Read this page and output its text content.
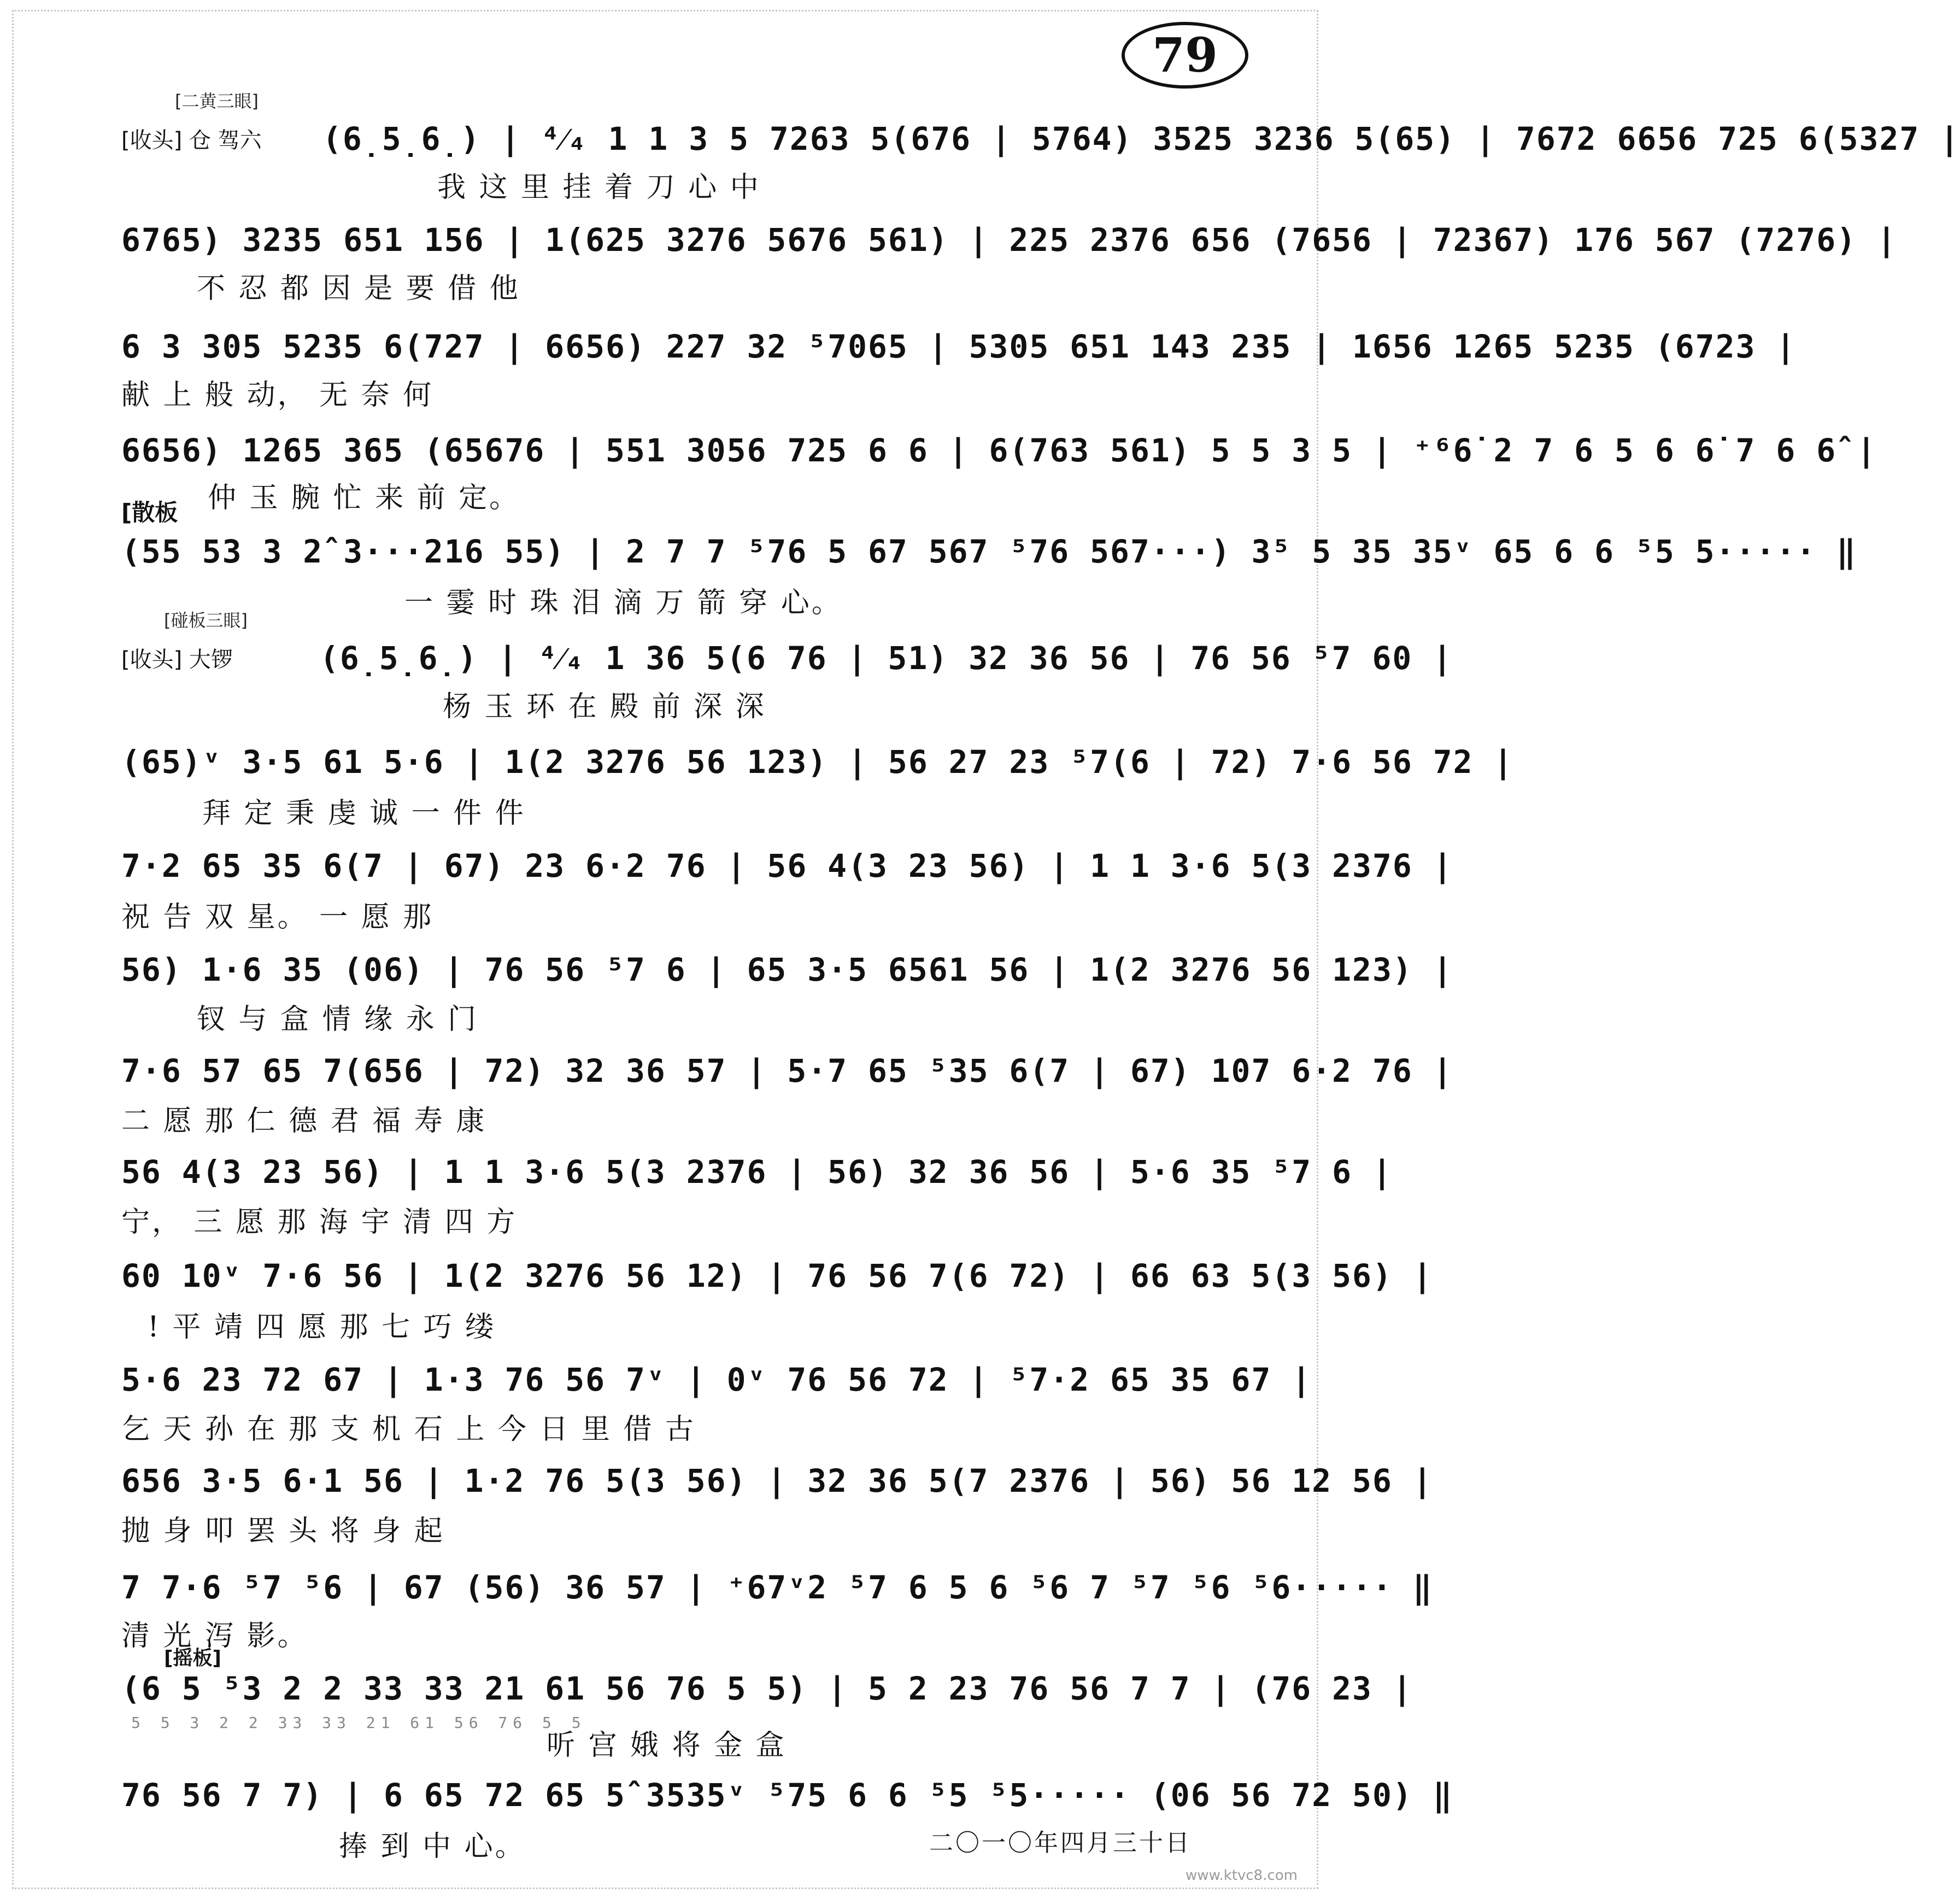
79
[二黄三眼]
[收头] 仓 驾六 (6̣5̣6̣) | ⁴⁄₄ 1 1 3 5 7263 5(676 | 5764) 3525 3236 5(65) | 7672 6656 725 6(5327 |
我 这 里 挂 着 刀 心 中
6765) 3235 651 156 | 1(625 3276 5676 561) | 225 2376 656 (7656 | 72367) 176 567 (7276) |
不 忍 都 因 是 要 借 他
6 3 305 5235 6(727 | 6656) 227 32 ⁵7065 | 5305 651 143 235 | 1656 1265 5235 (6723 |
献 上 般 动， 无 奈 何
6656) 1265 365 (65676 | 551 3056 725 6 6 | 6(763 561) 5 5 3 5 | ⁺⁶6̇ 2 7 6 5 6 6̇ 7 6 6̂ |
仲 玉 腕 忙 来 前 定。
[散板
(55 53 3 2̂ 3···216 55) | 2 7 7 ⁵76 5 67 567 ⁵76 567···) 3⁵ 5 35 35ᵛ 65 6 6 ⁵5 5····· ‖
一 霎 时 珠 泪 滴 万 箭 穿 心。
[碰板三眼]
[收头] 大锣	(6̣5̣6̣) | ⁴⁄₄ 1 36 5(6 76 | 51) 32 36 56 | 76 56 ⁵7 60 |
杨 玉 环 在 殿 前 深 深
(65)ᵛ 3·5 61 5·6 | 1(2 3276 56 123) | 56 27 23 ⁵7(6 | 72) 7·6 56 72 |
拜 定 秉 虔 诚 一 件 件
7·2 65 35 6(7 | 67) 23 6·2 76 | 56 4(3 23 56) | 1 1 3·6 5(3 2376 |
祝 告 双 星。 一 愿 那
56) 1·6 35 (06) | 76 56 ⁵7 6 | 65 3·5 6561 56 | 1(2 3276 56 123) |
钗 与 盒 情 缘 永 门
7·6 57 65 7(656 | 72) 32 36 57 | 5·7 65 ⁵35 6(7 | 67) 107 6·2 76 |
二 愿 那 仁 德 君 福 寿 康
56 4(3 23 56) | 1 1 3·6 5(3 2376 | 56) 32 36 56 | 5·6 35 ⁵7 6 |
宁， 三 愿 那 海 宇 清 四 方
60 10ᵛ 7·6 56 | 1(2 3276 56 12) | 76 56 7(6 72) | 66 63 5(3 56) |
! 平 靖 四 愿 那 七 巧 缕
5·6 23 72 67 | 1·3 76 56 7ᵛ | 0ᵛ 76 56 72 | ⁵7·2 65 35 67 |
乞 天 孙 在 那 支 机 石 上 今 日 里 借 古
656 3·5 6·1 56 | 1·2 76 5(3 56) | 32 36 5(7 2376 | 56) 56 12 56 |
抛 身 叩 罢 头 将 身 起
7 7·6 ⁵7 ⁵6 | 67 (56) 36 57 | ⁺67ᵛ2 ⁵7 6 5 6 ⁵6 7 ⁵7 ⁵6 ⁵6····· ‖
清 光 泻 影。
[摇板]
(6 5 ⁵3 2 2 33 33 21 61 56 76 5 5) | 5 2 23 76 56 7 7 | (76 23 |
5 5 3 2 2 33 33 21 61 56 76 5 5
听 宫 娥 将 金 盒
76 56 7 7) | 6 65 72 65 5̂ 3535ᵛ ⁵75 6 6 ⁵5 ⁵5····· (06 56 72 50) ‖
捧 到 中 心。	二〇一〇年四月三十日
www.ktvc8.com
